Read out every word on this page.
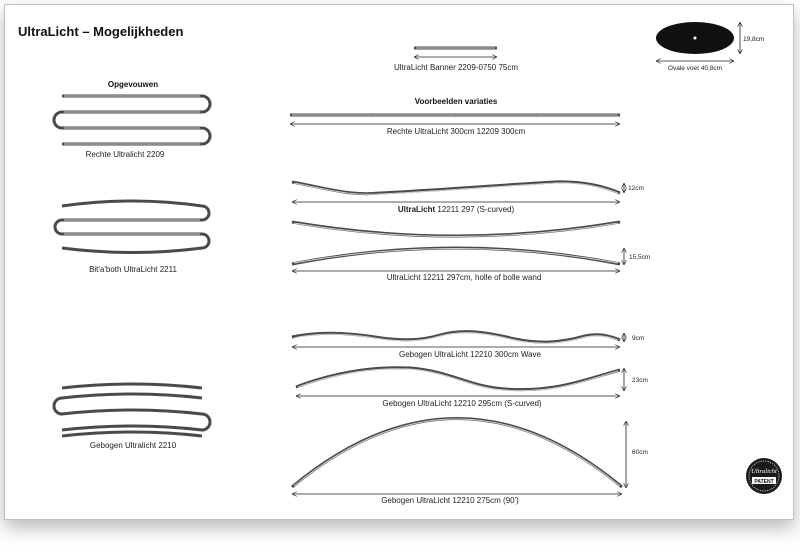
UltraLicht – Mogelijkheden
UltraLicht Banner 2209-0750 75cm
19,8cm
Ovale voet 40,8cm
Opgevouwen
Voorbeelden variaties
Rechte Ultralicht 2209
Rechte UltraLicht 300cm 12209 300cm
12cm
UltraLicht 12211 297 (S-curved)
Bit'a'both UltraLicht 2211
15,5cm
UltraLicht 12211 297cm, holle of bolle wand
9cm
Gebogen UltraLicht 12210 300cm Wave
23cm
Gebogen UltraLicht 12210 295cm (S-curved)
Gebogen Ultralicht 2210
60cm
Gebogen UltraLicht 12210 275cm (90')
Ultralicht
PATENT
